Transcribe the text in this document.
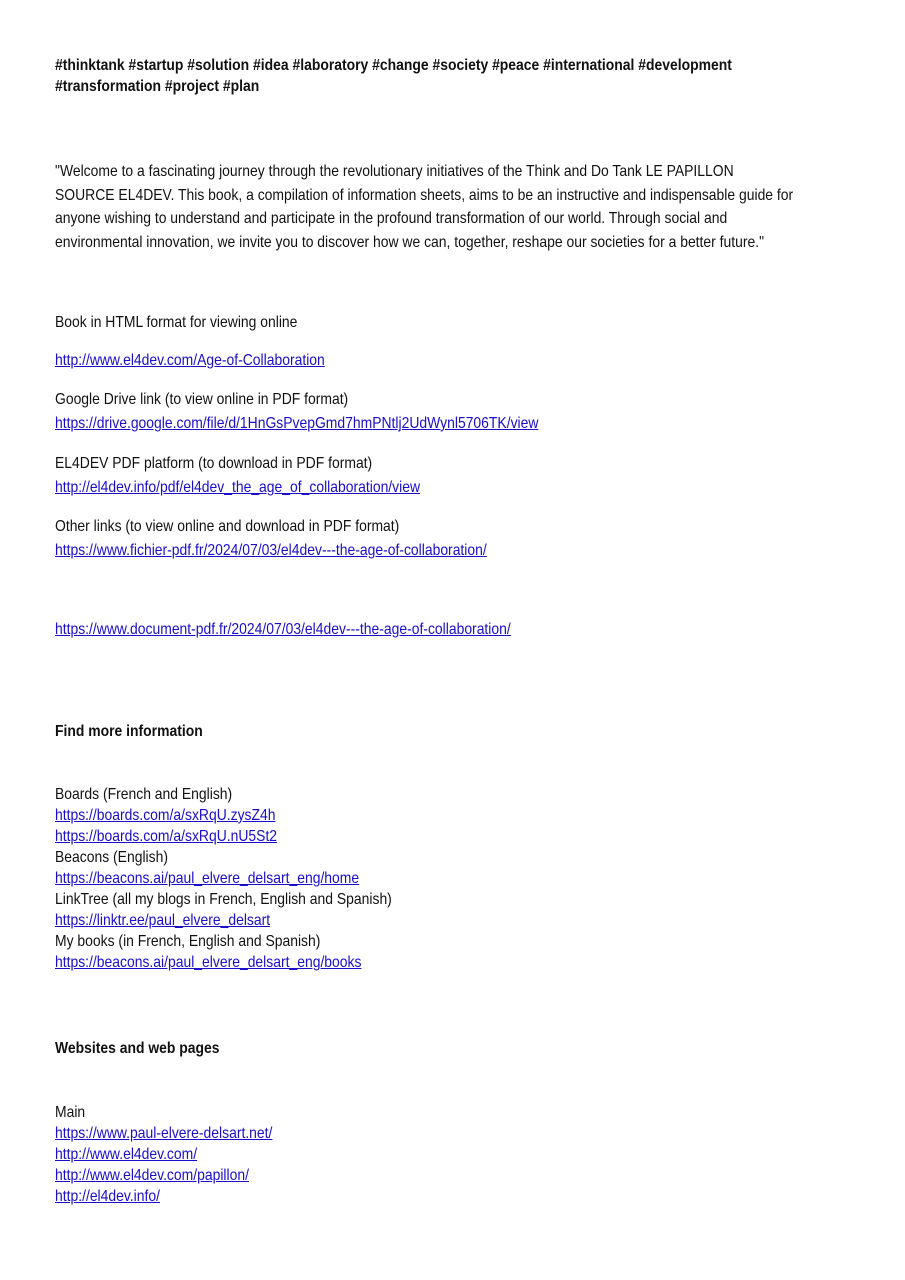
#thinktank #startup #solution #idea #laboratory #change #society #peace #international #development
#transformation #project #plan
"Welcome to a fascinating journey through the revolutionary initiatives of the Think and Do Tank LE PAPILLON
SOURCE EL4DEV. This book, a compilation of information sheets, aims to be an instructive and indispensable guide for
anyone wishing to understand and participate in the profound transformation of our world. Through social and
environmental innovation, we invite you to discover how we can, together, reshape our societies for a better future."
Book in HTML format for viewing online
http://www.el4dev.com/Age-of-Collaboration
Google Drive link (to view online in PDF format)
https://drive.google.com/file/d/1HnGsPvepGmd7hmPNtlj2UdWynl5706TK/view
EL4DEV PDF platform (to download in PDF format)
http://el4dev.info/pdf/el4dev_the_age_of_collaboration/view
Other links (to view online and download in PDF format)
https://www.fichier-pdf.fr/2024/07/03/el4dev---the-age-of-collaboration/
https://www.document-pdf.fr/2024/07/03/el4dev---the-age-of-collaboration/
Find more information
Boards (French and English)
https://boards.com/a/sxRqU.zysZ4h
https://boards.com/a/sxRqU.nU5St2
Beacons (English)
https://beacons.ai/paul_elvere_delsart_eng/home
LinkTree (all my blogs in French, English and Spanish)
https://linktr.ee/paul_elvere_delsart
My books (in French, English and Spanish)
https://beacons.ai/paul_elvere_delsart_eng/books
Websites and web pages
Main
https://www.paul-elvere-delsart.net/
http://www.el4dev.com/
http://www.el4dev.com/papillon/
http://el4dev.info/
